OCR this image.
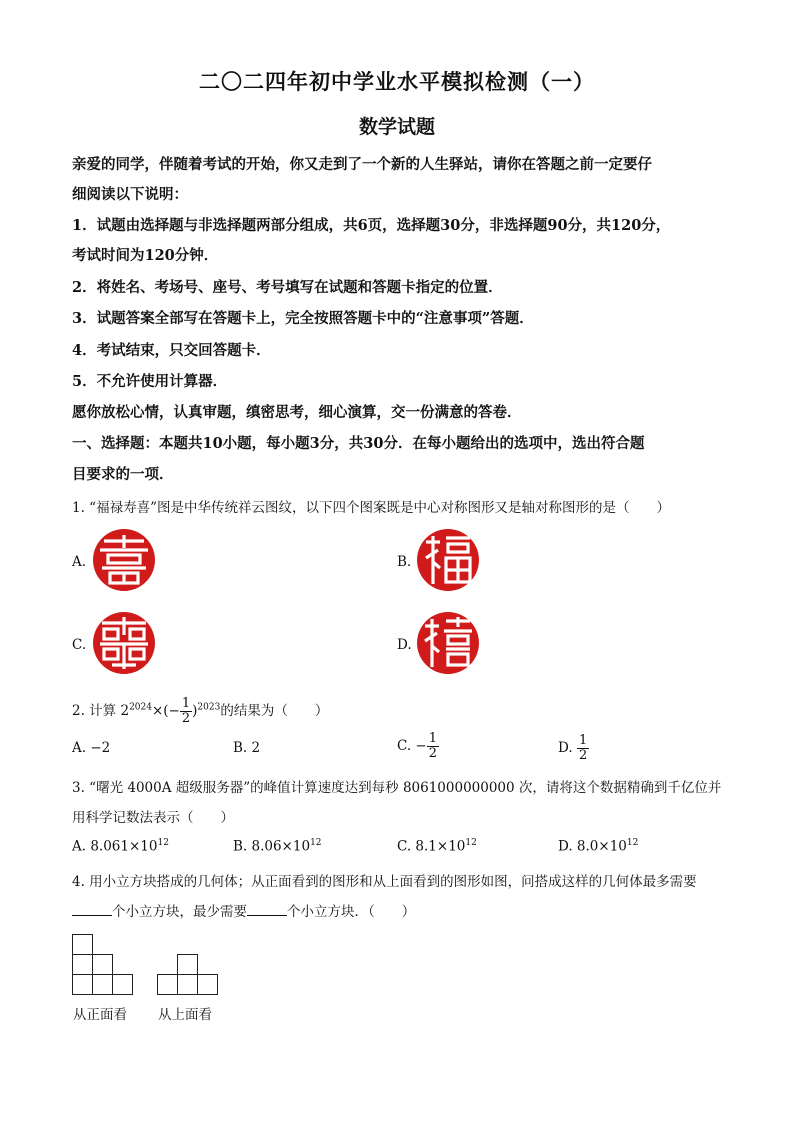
二〇二四年初中学业水平模拟检测（一）
数学试题
亲爱的同学，伴随着考试的开始，你又走到了一个新的人生驿站，请你在答题之前一定要仔
细阅读以下说明：
1．试题由选择题与非选择题两部分组成，共6页，选择题30分，非选择题90分，共120分，
考试时间为120分钟．
2．将姓名、考场号、座号、考号填写在试题和答题卡指定的位置．
3．试题答案全部写在答题卡上，完全按照答题卡中的“注意事项”答题．
4．考试结束，只交回答题卡．
5．不允许使用计算器．
愿你放松心情，认真审题，缜密思考，细心演算，交一份满意的答卷．
一、选择题：本题共10小题，每小题3分，共30分．在每小题给出的选项中，选出符合题
目要求的一项．
1. “福禄寿喜”图是中华传统祥云图纹，以下四个图案既是中心对称图形又是轴对称图形的是（　　）
A.	B.
C.	D.
2. 计算 $2^{2024}\times(- \frac{1}{2} )^{2023}$的结果为（　　）
A. −2	B. 2	C. − $\frac{1}{2}$	D. $\frac{1}{2}$
3. “曙光 4000A 超级服务器”的峰值计算速度达到每秒 8061000000000 次，请将这个数据精确到千亿位并
用科学记数法表示（　　）
A. $8.061\times 10^{12}$	B. $8.06\times 10^{12}$	C. $8.1\times 10^{12}$	D. $8.0\times 10^{12}$
4. 用小立方块搭成的几何体；从正面看到的图形和从上面看到的图形如图，问搭成这样的几何体最多需要
个小立方块，最少需要	个小立方块．（　　）
从正面看 从上面看
